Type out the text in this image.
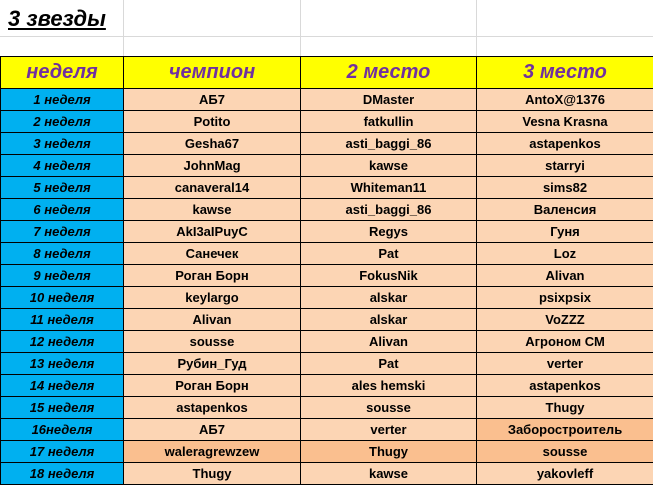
3 звезды
неделя	чемпион	2 место	3 место
1 неделя	АБ7	DMaster	AntoX@1376
2 неделя	Potito	fatkullin	Vesna Krasna
3 неделя	Gesha67	asti_baggi_86	astapenkos
4 неделя	JohnMag	kawse	starryi
5 неделя	canaveral14	Whiteman11	sims82
6 неделя	kawse	asti_baggi_86	Валенсия
7 неделя	AkI3aIPuyC	Regys	Гуня
8 неделя	Санечек	Pat	Loz
9 неделя	Роган Борн	FokusNik	Alivan
10 неделя	keylargo	alskar	psixpsix
11 неделя	Alivan	alskar	VoZZZ
12 неделя	sousse	Alivan	Агроном СМ
13 неделя	Рубин_Гуд	Pat	verter
14 неделя	Роган Борн	ales hemski	astapenkos
15 неделя	astapenkos	sousse	Thugy
16неделя	АБ7	verter	Забoростроитель
17 неделя	waleragrewzew	Thugy	sousse
18 неделя	Thugy	kawse	yakovleff
